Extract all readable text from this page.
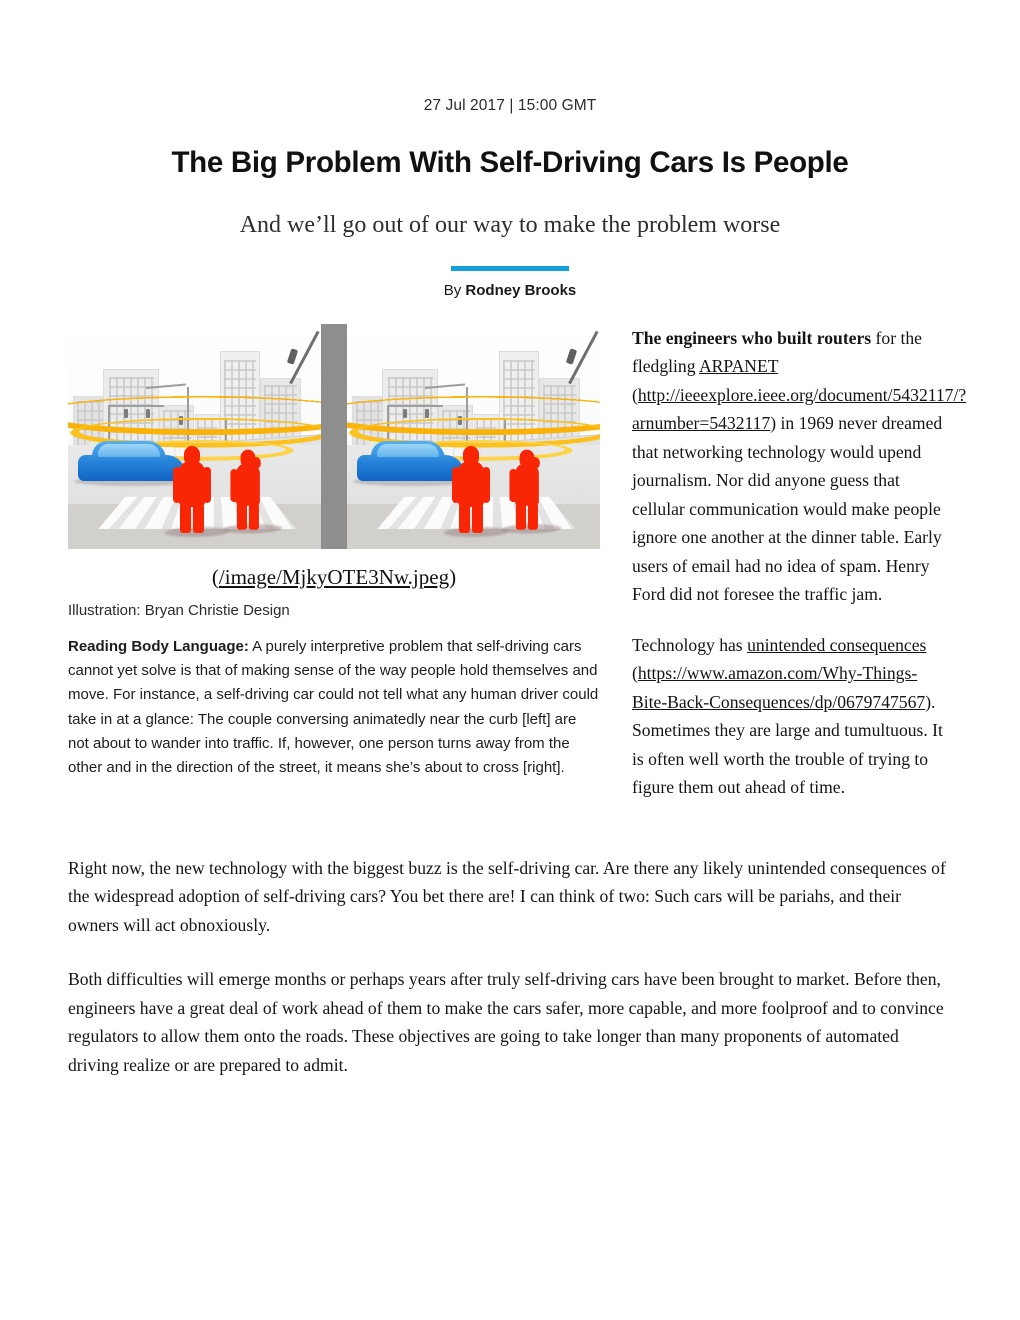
27 Jul 2017 | 15:00 GMT
The Big Problem With Self-Driving Cars Is People
And we’ll go out of our way to make the problem worse
By Rodney Brooks
(/image/MjkyOTE3Nw.jpeg)
Illustration: Bryan Christie Design
Reading Body Language: A purely interpretive problem that self-driving cars cannot yet solve is that of making sense of the way people hold themselves and move. For instance, a self-driving car could not tell what any human driver could take in at a glance: The couple conversing animatedly near the curb [left] are not about to wander into traffic. If, however, one person turns away from the other and in the direction of the street, it means she’s about to cross [right].

The engineers who built routers for the fledgling ARPANET (http://ieeexplore.ieee.org/document/5432117/?arnumber=5432117) in 1969 never dreamed that networking technology would upend journalism. Nor did anyone guess that cellular communication would make people ignore one another at the dinner table. Early users of email had no idea of spam. Henry Ford did not foresee the traffic jam.

Technology has unintended consequences (https://www.amazon.com/Why-Things-Bite-Back-Consequences/dp/0679747567). Sometimes they are large and tumultuous. It is often well worth the trouble of trying to figure them out ahead of time.

Right now, the new technology with the biggest buzz is the self-driving car. Are there any likely unintended consequences of the widespread adoption of self-driving cars? You bet there are! I can think of two: Such cars will be pariahs, and their owners will act obnoxiously.

Both difficulties will emerge months or perhaps years after truly self-driving cars have been brought to market. Before then, engineers have a great deal of work ahead of them to make the cars safer, more capable, and more foolproof and to convince regulators to allow them onto the roads. These objectives are going to take longer than many proponents of automated driving realize or are prepared to admit.
